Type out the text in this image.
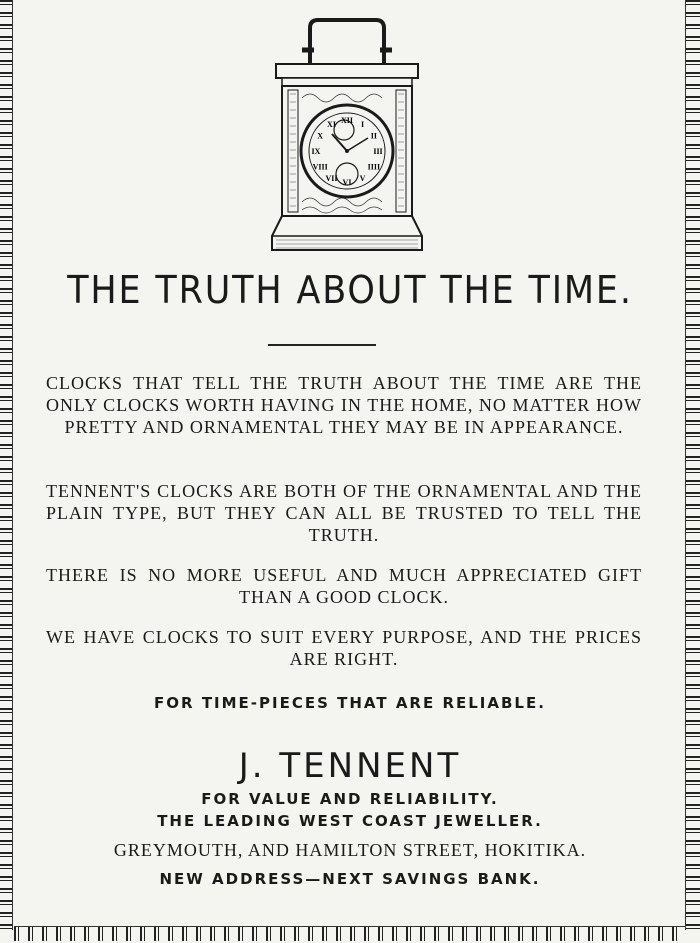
XII I
II
III
IIII
V
VI
VII
VIII
IX
X
XI
THE TRUTH ABOUT THE TIME.
CLOCKS THAT TELL THE TRUTH ABOUT THE TIME ARE THE ONLY CLOCKS WORTH HAVING IN THE HOME, NO MATTER HOW PRETTY AND ORNAMENTAL THEY MAY BE IN APPEARANCE.
TENNENT'S CLOCKS ARE BOTH OF THE ORNAMENTAL AND THE PLAIN TYPE, BUT THEY CAN ALL BE TRUSTED TO TELL THE TRUTH.
THERE IS NO MORE USEFUL AND MUCH APPRECIATED GIFT THAN A GOOD CLOCK.
WE HAVE CLOCKS TO SUIT EVERY PURPOSE, AND THE PRICES ARE RIGHT.
FOR TIME-PIECES THAT ARE RELIABLE.
J. TENNENT
FOR VALUE AND RELIABILITY.
THE LEADING WEST COAST JEWELLER.
GREYMOUTH, AND HAMILTON STREET, HOKITIKA.
NEW ADDRESS—NEXT SAVINGS BANK.
